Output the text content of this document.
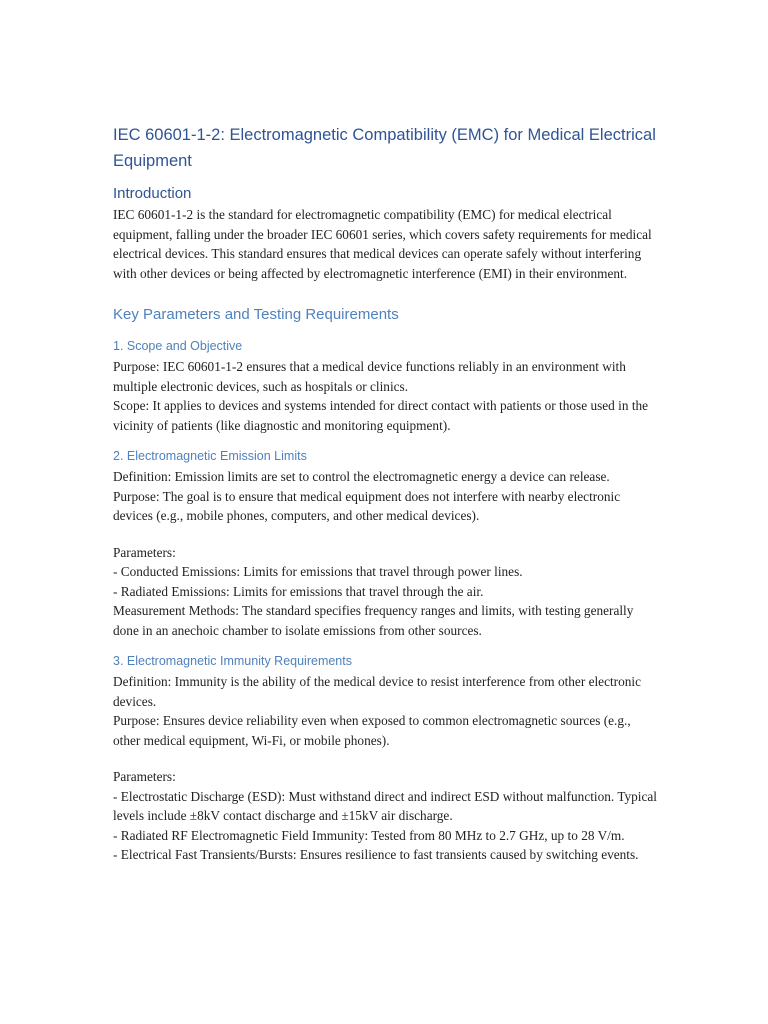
IEC 60601-1-2: Electromagnetic Compatibility (EMC) for Medical Electrical Equipment
Introduction

IEC 60601-1-2 is the standard for electromagnetic compatibility (EMC) for medical electrical equipment, falling under the broader IEC 60601 series, which covers safety requirements for medical electrical devices. This standard ensures that medical devices can operate safely without interfering with other devices or being affected by electromagnetic interference (EMI) in their environment.

Key Parameters and Testing Requirements
1. Scope and Objective

Purpose: IEC 60601-1-2 ensures that a medical device functions reliably in an environment with multiple electronic devices, such as hospitals or clinics.

Scope: It applies to devices and systems intended for direct contact with patients or those used in the vicinity of patients (like diagnostic and monitoring equipment).

2. Electromagnetic Emission Limits

Definition: Emission limits are set to control the electromagnetic energy a device can release.

Purpose: The goal is to ensure that medical equipment does not interfere with nearby electronic devices (e.g., mobile phones, computers, and other medical devices).

Parameters:

- Conducted Emissions: Limits for emissions that travel through power lines.

- Radiated Emissions: Limits for emissions that travel through the air.

Measurement Methods: The standard specifies frequency ranges and limits, with testing generally done in an anechoic chamber to isolate emissions from other sources.

3. Electromagnetic Immunity Requirements

Definition: Immunity is the ability of the medical device to resist interference from other electronic devices.

Purpose: Ensures device reliability even when exposed to common electromagnetic sources (e.g., other medical equipment, Wi-Fi, or mobile phones).

Parameters:

- Electrostatic Discharge (ESD): Must withstand direct and indirect ESD without malfunction. Typical levels include ±8kV contact discharge and ±15kV air discharge.

- Radiated RF Electromagnetic Field Immunity: Tested from 80 MHz to 2.7 GHz, up to 28 V/m.

- Electrical Fast Transients/Bursts: Ensures resilience to fast transients caused by switching events.
